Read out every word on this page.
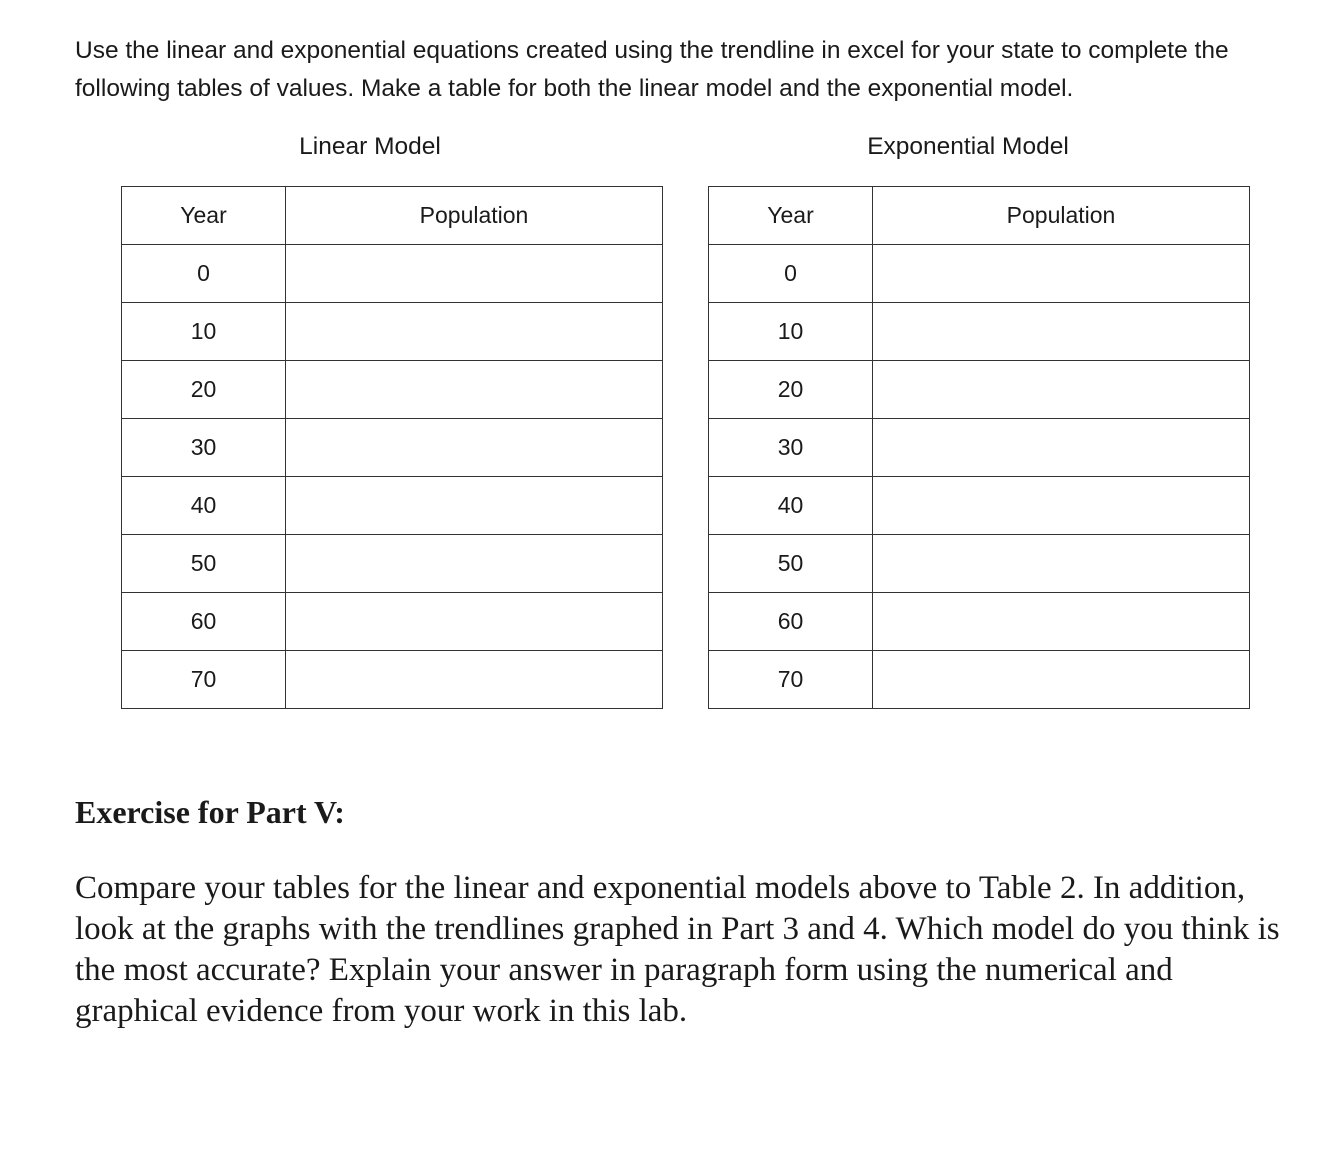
Use the linear and exponential equations created using the trendline in excel for your state to complete the following tables of values. Make a table for both the linear model and the exponential model.

Linear Model	Exponential Model

Year	Population
0	
10	
20	
30	
40	
50	
60	
70	
Year	Population
0	
10	
20	
30	
40	
50	
60	
70	
Exercise for Part V:

Compare your tables for the linear and exponential models above to Table 2. In addition, look at the graphs with the trendlines graphed in Part 3 and 4. Which model do you think is the most accurate? Explain your answer in paragraph form using the numerical and graphical evidence from your work in this lab.
